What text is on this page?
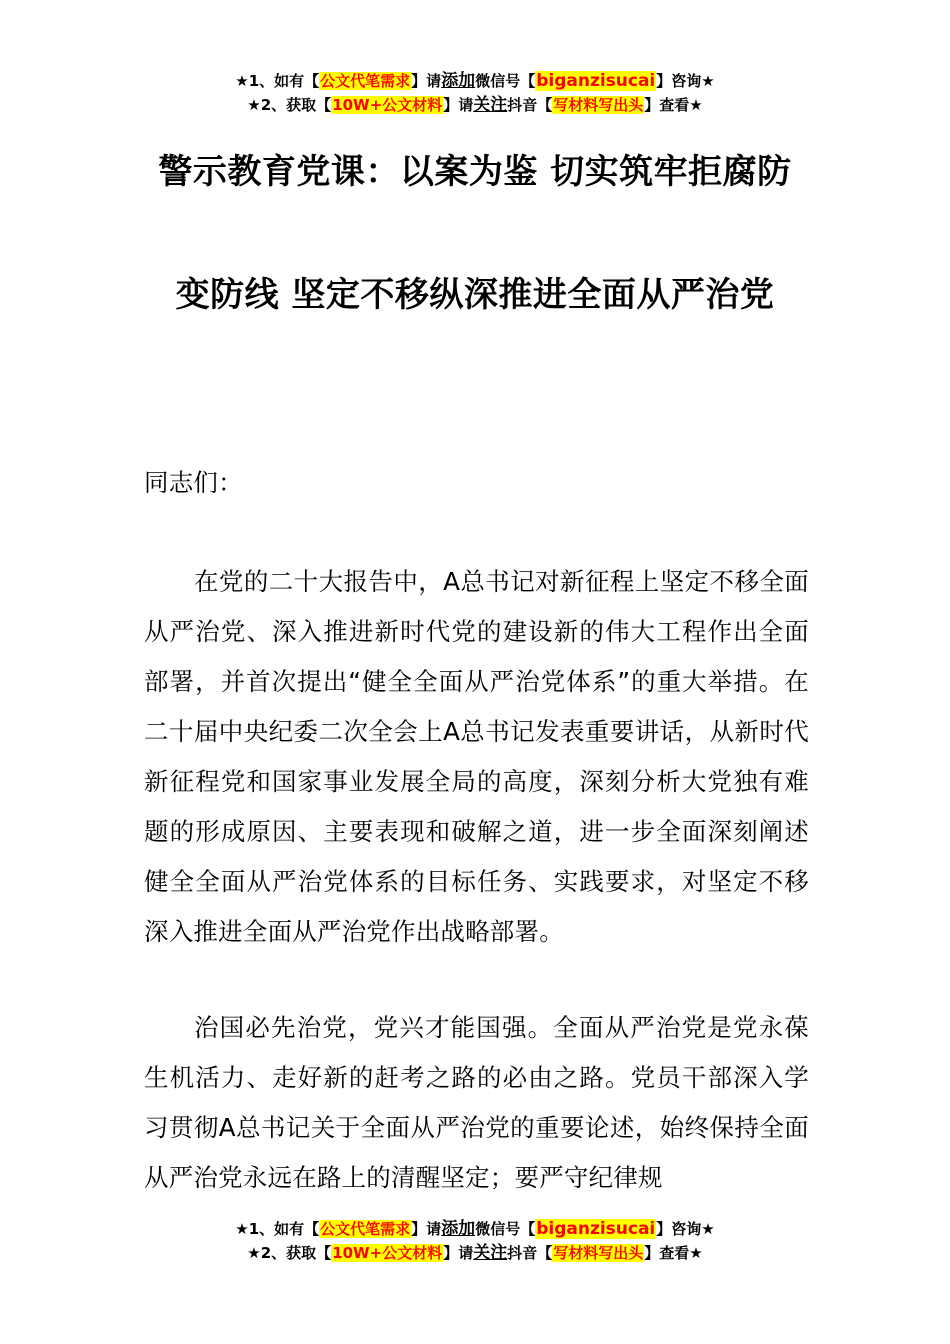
★1、如有【公文代笔需求】请添加微信号【biganzisucai】咨询★
★2、获取【10W+公文材料】请关注抖音【写材料写出头】查看★
警示教育党课：以案为鉴 切实筑牢拒腐防
变防线 坚定不移纵深推进全面从严治党
同志们：
在党的二十大报告中，A总书记对新征程上坚定不移全面从严治党、深入推进新时代党的建设新的伟大工程作出全面部署，并首次提出“健全全面从严治党体系”的重大举措。在二十届中央纪委二次全会上A总书记发表重要讲话，从新时代新征程党和国家事业发展全局的高度，深刻分析大党独有难题的形成原因、主要表现和破解之道，进一步全面深刻阐述健全全面从严治党体系的目标任务、实践要求，对坚定不移深入推进全面从严治党作出战略部署。
治国必先治党，党兴才能国强。全面从严治党是党永葆生机活力、走好新的赶考之路的必由之路。党员干部深入学习贯彻A总书记关于全面从严治党的重要论述，始终保持全面从严治党永远在路上的清醒坚定；要严守纪律规
★1、如有【公文代笔需求】请添加微信号【biganzisucai】咨询★
★2、获取【10W+公文材料】请关注抖音【写材料写出头】查看★
